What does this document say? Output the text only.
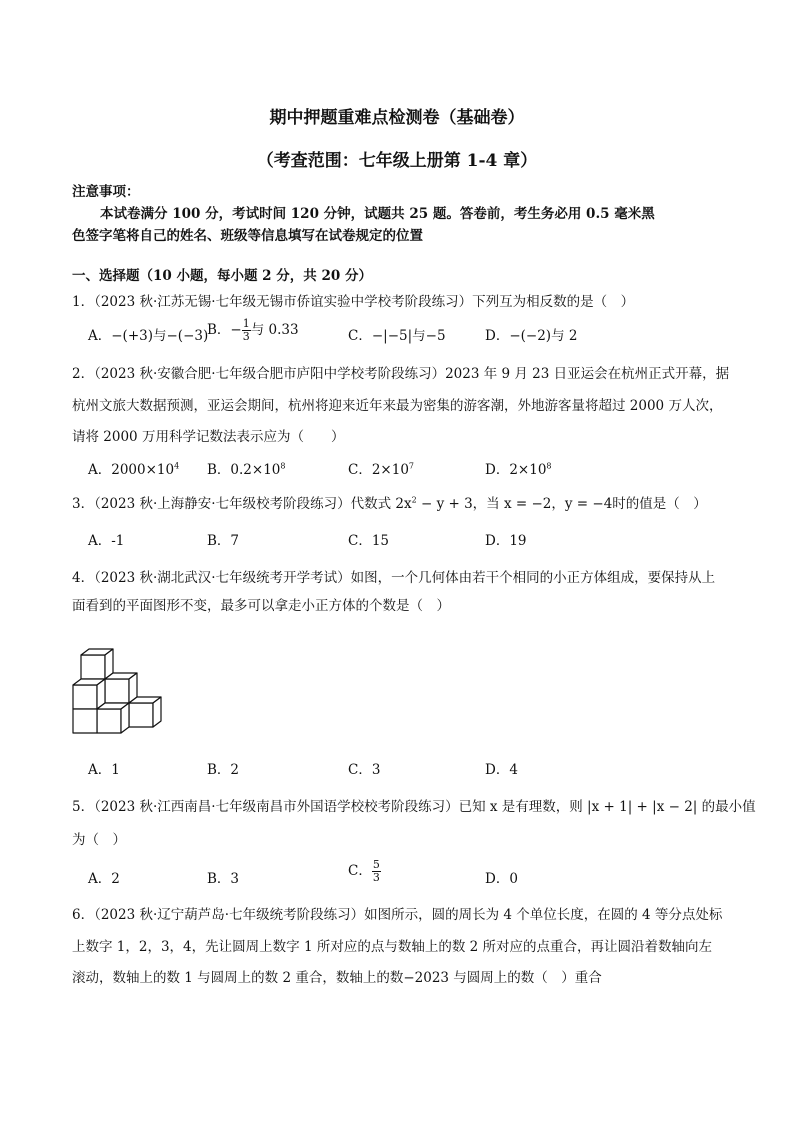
期中押题重难点检测卷（基础卷）
（考查范围：七年级上册第 1-4 章）
注意事项：
本试卷满分 100 分，考试时间 120 分钟，试题共 25 题。答卷前，考生务必用 0.5 毫米黑
色签字笔将自己的姓名、班级等信息填写在试卷规定的位置
一、选择题（10 小题，每小题 2 分，共 20 分）
1．（2023 秋·江苏无锡·七年级无锡市侨谊实验中学校考阶段练习）下列互为相反数的是（　）
A．−(+3)与−(−3)
B．− $\frac{1}{3}$ 与 0.33	C．−|−5|与−5	D．−(−2)与 2
2．（2023 秋·安徽合肥·七年级合肥市庐阳中学校考阶段练习）2023 年 9 月 23 日亚运会在杭州正式开幕，据
杭州文旅大数据预测，亚运会期间，杭州将迎来近年来最为密集的游客潮，外地游客量将超过 2000 万人次，
请将 2000 万用科学记数法表示应为（　　）
A．$2000\times 10^4$ B．$0.2\times 10^8$	C．$2\times 10^7$	D．$2\times 10^8$
3．（2023 秋·上海静安·七年级校考阶段练习）代数式 $2x^2 - y + 3$，当 x = −2，y = −4时的值是（　）
A．-1	B．7	C．15	D．19
4．（2023 秋·湖北武汉·七年级统考开学考试）如图，一个几何体由若干个相同的小正方体组成，要保持从上
面看到的平面图形不变，最多可以拿走小正方体的个数是（　）
A．1	B．2	C．3	D．4
5．（2023 秋·江西南昌·七年级南昌市外国语学校校考阶段练习）已知 x 是有理数，则 |x + 1| + |x − 2| 的最小值
为（　）
A．2	B．3	C． $\frac{5}{3}$	D．0
6．（2023 秋·辽宁葫芦岛·七年级统考阶段练习）如图所示，圆的周长为 4 个单位长度，在圆的 4 等分点处标
上数字 1，2，3，4，先让圆周上数字 1 所对应的点与数轴上的数 2 所对应的点重合，再让圆沿着数轴向左
滚动，数轴上的数 1 与圆周上的数 2 重合，数轴上的数−2023 与圆周上的数（　）重合
